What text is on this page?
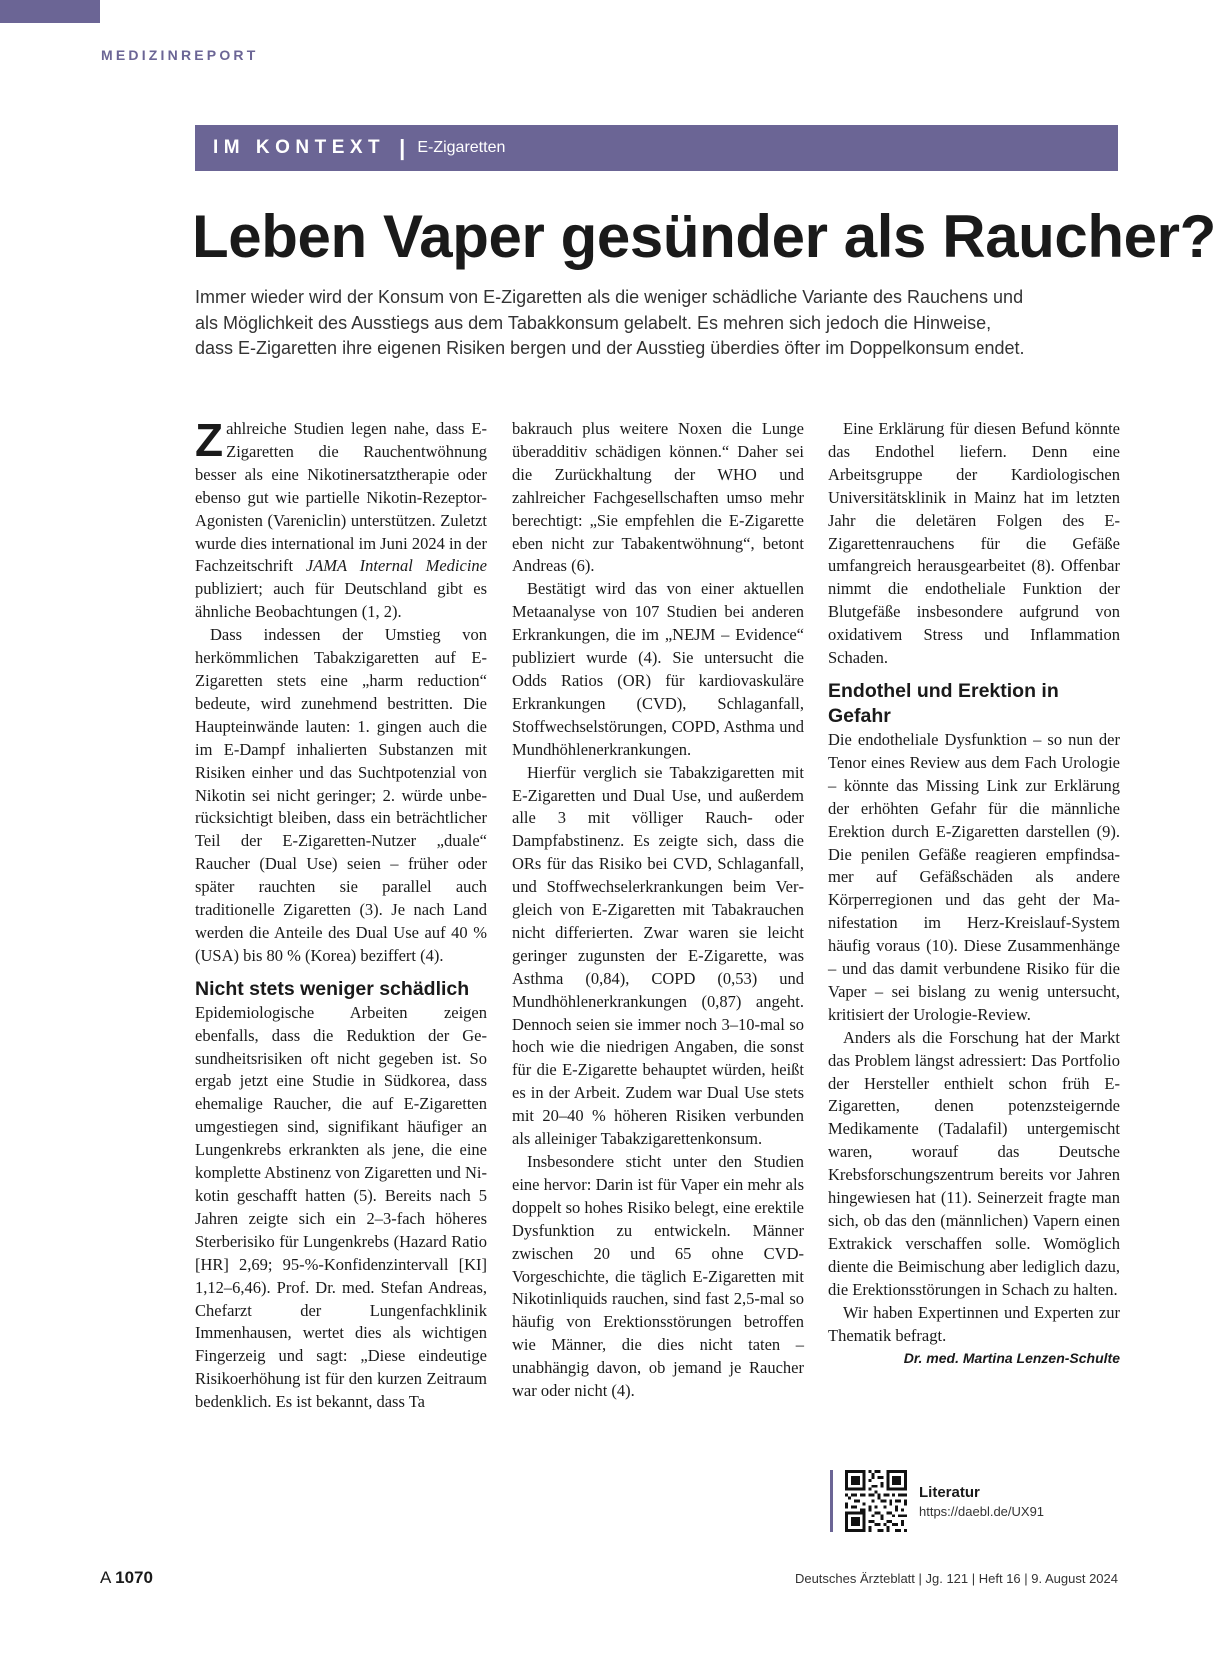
MEDIZINREPORT
IM KONTEXT | E-Zigaretten
Leben Vaper gesünder als Raucher?
Immer wieder wird der Konsum von E-Zigaretten als die weniger schädliche Variante des Rauchens und
als Möglichkeit des Ausstiegs aus dem Tabakkonsum gelabelt. Es mehren sich jedoch die Hinweise,
dass E-Zigaretten ihre eigenen Risiken bergen und der Ausstieg überdies öfter im Doppelkonsum endet.

Zahlreiche Studien legen nahe, dass E-Zigaretten die Rauchentwöhnung besser als eine Nikotinersatztherapie oder ebenso gut wie partielle Nikotin-Rezeptor-Agonisten (Vareniclin) unterstützen. Zuletzt wurde dies international im Juni 2024 in der Fachzeitschrift JAMA Internal Medicine publiziert; auch für Deutschland gibt es ähnliche Beobachtungen (1, 2).

Dass indessen der Umstieg von herkömmlichen Tabakzigaretten auf E-Zigaretten stets eine „harm reduction“ bedeute, wird zunehmend bestritten. Die Haupteinwände lauten: 1. gingen auch die im E-Dampf inhalierten Substanzen mit Risiken einher und das Suchtpotenzial von Nikotin sei nicht geringer; 2. würde unberücksichtigt bleiben, dass ein beträchtlicher Teil der E-Zigaretten-Nutzer „duale“ Raucher (Dual Use) seien – früher oder später rauchten sie parallel auch traditionelle Zigaretten (3). Je nach Land werden die Anteile des Dual Use auf 40 % (USA) bis 80 % (Korea) beziffert (4).

Nicht stets weniger schädlich

Epidemiologische Arbeiten zeigen ebenfalls, dass die Reduktion der Gesundheitsrisiken oft nicht gegeben ist. So ergab jetzt eine Studie in Südkorea, dass ehemalige Raucher, die auf E-Zigaretten umgestiegen sind, signifikant häufiger an Lungenkrebs erkrankten als jene, die eine komplette Abstinenz von Zigaretten und Nikotin geschafft hatten (5). Bereits nach 5 Jahren zeigte sich ein 2–3-fach höheres Sterberisiko für Lungenkrebs (Hazard Ratio [HR] 2,69; 95-%-Konfidenzintervall [KI] 1,12–6,46). Prof. Dr. med. Stefan Andreas, Chefarzt der Lungenfachklinik Immenhausen, wertet dies als wichtigen Fingerzeig und sagt: „Diese eindeutige Risikoerhöhung ist für den kurzen Zeitraum bedenklich. Es ist bekannt, dass Ta

bakrauch plus weitere Noxen die Lunge überadditiv schädigen können.“ Daher sei die Zurückhaltung der WHO und zahlreicher Fachgesellschaften umso mehr berechtigt: „Sie empfehlen die E-Zigarette eben nicht zur Tabakentwöhnung“, betont Andreas (6).

Bestätigt wird das von einer aktuellen Metaanalyse von 107 Studien bei anderen Erkrankungen, die im „NEJM – Evidence“ publiziert wurde (4). Sie untersucht die Odds Ratios (OR) für kardiovaskuläre Erkrankungen (CVD), Schlaganfall, Stoffwechselstörungen, COPD, Asthma und Mundhöhlenerkrankungen.

Hierfür verglich sie Tabakzigaretten mit E-Zigaretten und Dual Use, und außerdem alle 3 mit völliger Rauch- oder Dampfabstinenz. Es zeigte sich, dass die ORs für das Risiko bei CVD, Schlaganfall, und Stoffwechselerkrankungen beim Vergleich von E-Zigaretten mit Tabakrauchen nicht differierten. Zwar waren sie leicht geringer zugunsten der E-Zigarette, was Asthma (0,84), COPD (0,53) und Mundhöhlenerkrankungen (0,87) angeht. Dennoch seien sie immer noch 3–10-mal so hoch wie die niedrigen Angaben, die sonst für die E-Zigarette behauptet würden, heißt es in der Arbeit. Zudem war Dual Use stets mit 20–40 % höheren Risiken verbunden als alleiniger Tabakzigarettenkonsum.

Insbesondere sticht unter den Studien eine hervor: Darin ist für Vaper ein mehr als doppelt so hohes Risiko belegt, eine erektile Dysfunktion zu entwickeln. Männer zwischen 20 und 65 ohne CVD-Vorgeschichte, die täglich E-Zigaretten mit Nikotinliquids rauchen, sind fast 2,5-mal so häufig von Erektionsstörungen betroffen wie Männer, die dies nicht taten – unabhängig davon, ob jemand je Raucher war oder nicht (4).

Eine Erklärung für diesen Befund könnte das Endothel liefern. Denn eine Arbeitsgruppe der Kardiologischen Universitätsklinik in Mainz hat im letzten Jahr die deletären Folgen des E-Zigarettenrauchens für die Gefäße umfangreich herausgearbeitet (8). Offenbar nimmt die endotheliale Funktion der Blutgefäße insbesondere aufgrund von oxidativem Stress und Inflammation Schaden.

Endothel und Erektion in Gefahr

Die endotheliale Dysfunktion – so nun der Tenor eines Review aus dem Fach Urologie – könnte das Missing Link zur Erklärung der erhöhten Gefahr für die männliche Erektion durch E-Zigaretten darstellen (9). Die penilen Gefäße reagieren empfindsamer auf Gefäßschäden als andere Körperregionen und das geht der Manifestation im Herz-Kreislauf-System häufig voraus (10). Diese Zusammenhänge – und das damit verbundene Risiko für die Vaper – sei bislang zu wenig untersucht, kritisiert der Urologie-Review.

Anders als die Forschung hat der Markt das Problem längst adressiert: Das Portfolio der Hersteller enthielt schon früh E-Zigaretten, denen potenzsteigernde Medikamente (Tadalafil) untergemischt waren, worauf das Deutsche Krebsforschungszentrum bereits vor Jahren hingewiesen hat (11). Seinerzeit fragte man sich, ob das den (männlichen) Vapern einen Extrakick verschaffen solle. Womöglich diente die Beimischung aber lediglich dazu, die Erektionsstörungen in Schach zu halten.

Wir haben Expertinnen und Experten zur Thematik befragt.

Dr. med. Martina Lenzen-Schulte
Literatur
https://daebl.de/UX91
A 1070	Deutsches Ärzteblatt | Jg. 121 | Heft 16 | 9. August 2024
